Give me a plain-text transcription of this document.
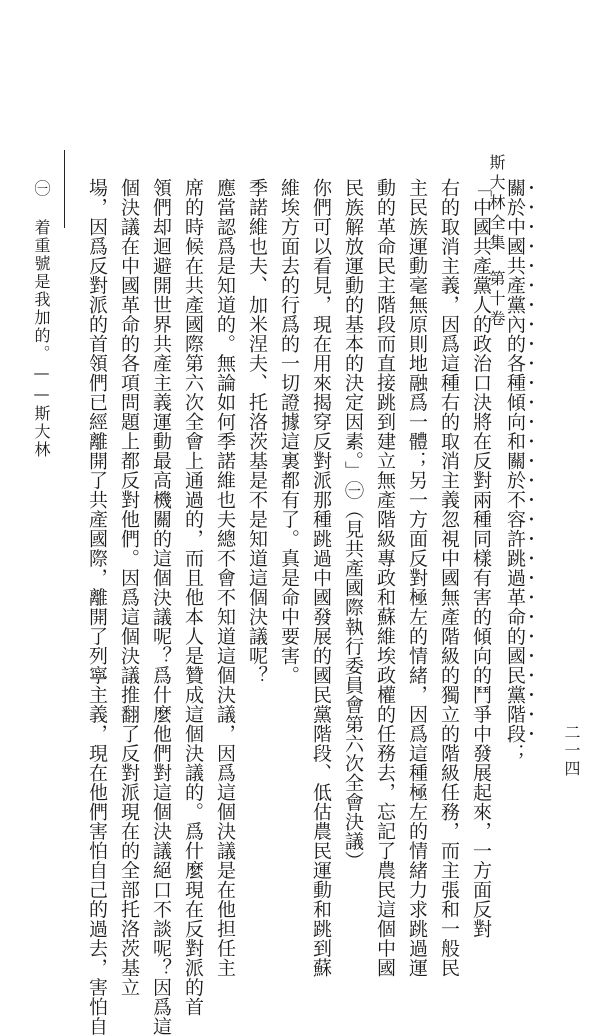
斯大林全集
第十卷
二一四
關於中國共產黨內的各種傾向和關於不容許跳過革命的國民黨階段；
「中國共產黨人的政治口決將在反對兩種同樣有害的傾向的鬥爭中發展起來，一方面反對
右的取消主義，因爲這種右的取消主義忽視中國無產階級的獨立的階級任務，而主張和一般民
主民族運動毫無原則地融爲一體；另一方面反對極左的情緒，因爲這種極左的情緒力求跳過運
動的革命民主階段而直接跳到建立無產階級專政和蘇維埃政權的任務去，忘記了農民這個中國
民族解放運動的基本的決定因素。」㊀（見共產國際執行委員會第六次全會決議）
你們可以看見，現在用來揭穿反對派那種跳過中國發展的國民黨階段、低估農民運動和跳到蘇
維埃方面去的行爲的一切證據這裏都有了。真是命中要害。
季諾維也夫、加米涅夫、托洛茨基是不是知道這個決議呢？
應當認爲是知道的。無論如何季諾維也夫總不會不知道這個決議，因爲這個決議是在他担任主
席的時候在共產國際第六次全會上通過的，而且他本人是贊成這個決議的。爲什麼現在反對派的首
領們却迴避開世界共產主義運動最高機關的這個決議呢？爲什麼他們對這個決議絕口不談呢？因爲這
個決議在中國革命的各項問題上都反對他們。因爲這個決議推翻了反對派現在的全部托洛茨基立
場，因爲反對派的首領們已經離開了共產國際，離開了列寧主義，現在他們害怕自己的過去，害怕自
㊀ 着重號是我加的。——斯大林
